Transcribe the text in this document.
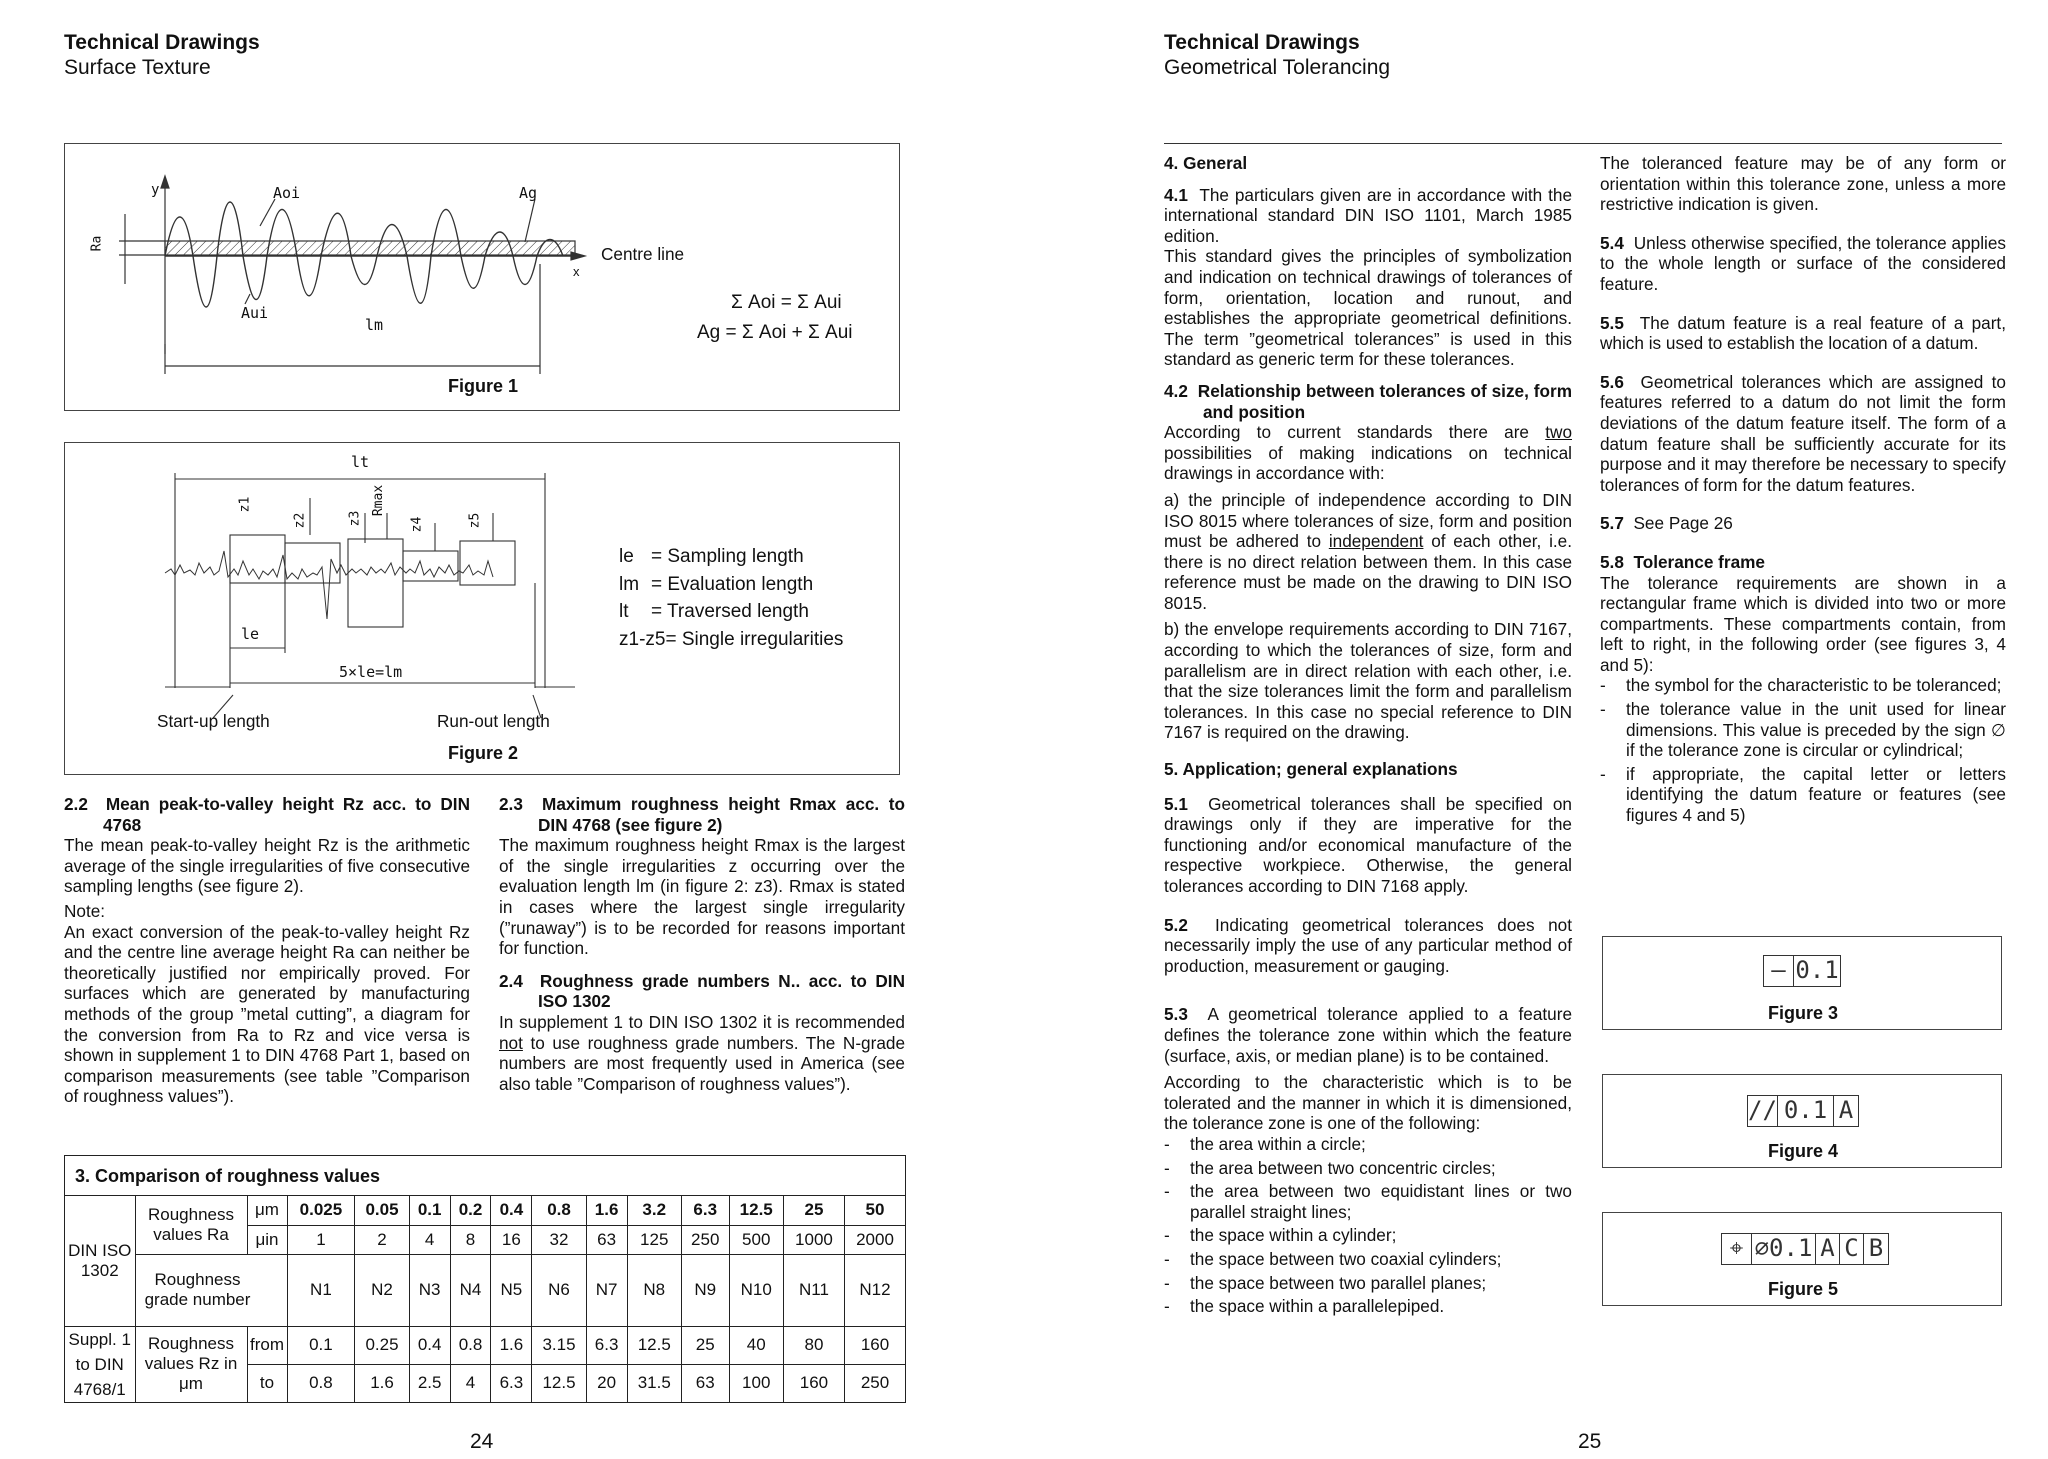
Technical Drawings
Surface Texture
y
x
Ra
Aoi	Ag
Aui
lm
Centre line
Σ Aoi = Σ Aui
Ag = Σ Aoi + Σ Aui
Figure 1
lt
le
5×le=lm
z1
z2	z3
Rmax
z4	z5
Start-up length	Run-out length
le = Sampling length
lm = Evaluation length
lt = Traversed length
z1-z5= Single irregularities
Figure 2

2.2 Mean peak-to-valley height Rz acc. to DIN 4768

The mean peak-to-valley height Rz is the arithmetic average of the single irregularities of five consecutive sampling lengths (see figure 2).

Note:

An exact conversion of the peak-to-valley height Rz and the centre line average height Ra can neither be theoretically justified nor empirically proved. For surfaces which are generated by manufacturing methods of the group ”metal cutting”, a diagram for the conversion from Ra to Rz and vice versa is shown in supplement 1 to DIN 4768 Part 1, based on comparison measurements (see table ”Comparison of roughness values”).

2.3 Maximum roughness height Rmax acc. to DIN 4768 (see figure 2)

The maximum roughness height Rmax is the largest of the single irregularities z occurring over the evaluation length lm (in figure 2: z3). Rmax is stated in cases where the largest single irregularity (”runaway”) is to be recorded for reasons important for function.

2.4 Roughness grade numbers N.. acc. to DIN ISO 1302

In supplement 1 to DIN ISO 1302 it is recommended not to use roughness grade numbers. The N-grade numbers are most frequently used in America (see also table ”Comparison of roughness values”).

3. Comparison of roughness values
DIN ISO 1302	Roughness values Ra	μm	0.025	0.05	0.1	0.2	0.4	0.8	1.6	3.2	6.3	12.5	25	50
		μin	1	2	4	8	16	32	63	125	250	500	1000	2000
	Roughness grade number		N1	N2	N3	N4	N5	N6	N7	N8	N9	N10	N11	N12
Suppl. 1 to DIN 4768/1	Roughness values Rz in μm	from	0.1	0.25	0.4	0.8	1.6	3.15	6.3	12.5	25	40	80	160
		to	0.8	1.6	2.5	4	6.3	12.5	20	31.5	63	100	160	250
24
Technical Drawings
Geometrical Tolerancing

4. General

4.1 The particulars given are in accordance with the international standard DIN ISO 1101, March 1985 edition.

This standard gives the principles of symbolization and indication on technical drawings of tolerances of form, orientation, location and runout, and establishes the appropriate geometrical definitions. The term ”geometrical tolerances” is used in this standard as generic term for these tolerances.

4.2 Relationship between tolerances of size, form and position

According to current standards there are two possibilities of making indications on technical drawings in accordance with:

a) the principle of independence according to DIN ISO 8015 where tolerances of size, form and position must be adhered to independent of each other, i.e. there is no direct relation between them. In this case reference must be made on the drawing to DIN ISO 8015.

b) the envelope requirements according to DIN 7167, according to which the tolerances of size, form and parallelism are in direct relation with each other, i.e. that the size tolerances limit the form and parallelism tolerances. In this case no special reference to DIN 7167 is required on the drawing.

5. Application; general explanations

5.1 Geometrical tolerances shall be specified on drawings only if they are imperative for the functioning and/or economical manufacture of the respective workpiece. Otherwise, the general tolerances according to DIN 7168 apply.

5.2 Indicating geometrical tolerances does not necessarily imply the use of any particular method of production, measurement or gauging.

5.3 A geometrical tolerance applied to a feature defines the tolerance zone within which the feature (surface, axis, or median plane) is to be contained.

According to the characteristic which is to be tolerated and the manner in which it is dimensioned, the tolerance zone is one of the following:

-	the area within a circle;
-	the area between two concentric circles;
-	the area between two equidistant lines or two parallel straight lines;
-	the space within a cylinder;
-	the space between two coaxial cylinders;
-	the space between two parallel planes;
-	the space within a parallelepiped.

The toleranced feature may be of any form or orientation within this tolerance zone, unless a more restrictive indication is given.

5.4 Unless otherwise specified, the tolerance applies to the whole length or surface of the considered feature.

5.5 The datum feature is a real feature of a part, which is used to establish the location of a datum.

5.6 Geometrical tolerances which are assigned to features referred to a datum do not limit the form deviations of the datum feature itself. The form of a datum feature shall be sufficiently accurate for its purpose and it may therefore be necessary to specify tolerances of form for the datum features.

5.7 See Page 26

5.8 Tolerance frame

The tolerance requirements are shown in a rectangular frame which is divided into two or more compartments. These compartments contain, from left to right, in the following order (see figures 3, 4 and 5):

-	the symbol for the characteristic to be toleranced;
-	the tolerance value in the unit used for linear dimensions. This value is preceded by the sign ∅ if the tolerance zone is circular or cylindrical;
-	if appropriate, the capital letter or letters identifying the datum feature or features (see figures 4 and 5)
— 0.1
Figure 3
// 0.1 A
Figure 4
⌖ ∅0.1 A C B
Figure 5
25
